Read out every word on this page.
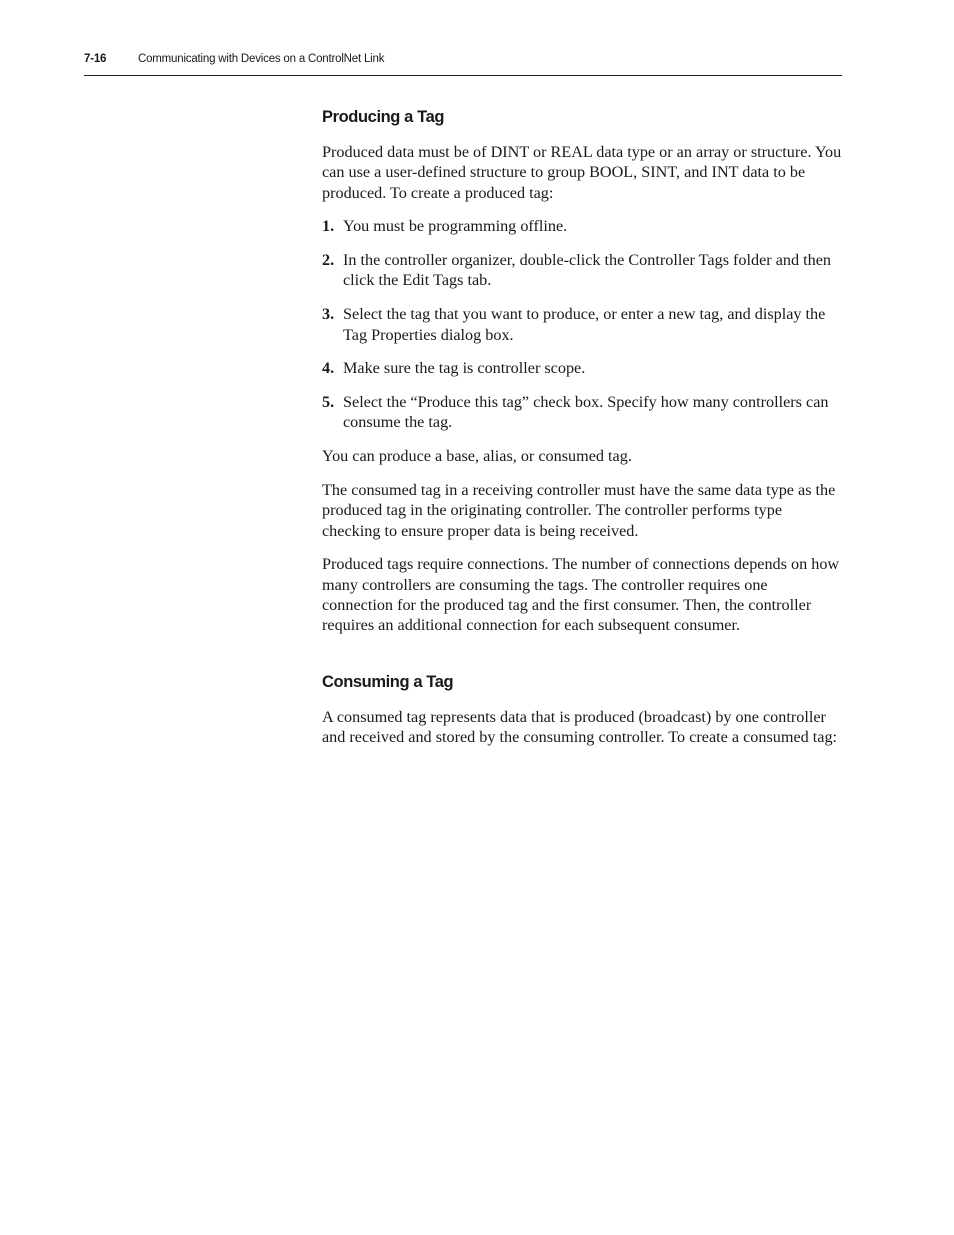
7-16	Communicating with Devices on a ControlNet Link
Producing a Tag

Produced data must be of DINT or REAL data type or an array or structure. You can use a user-defined structure to group BOOL, SINT, and INT data to be produced. To create a produced tag:

1. You must be programming offline.
2. In the controller organizer, double-click the Controller Tags folder and then click the Edit Tags tab.
3. Select the tag that you want to produce, or enter a new tag, and display the Tag Properties dialog box.
4. Make sure the tag is controller scope.
5. Select the “Produce this tag” check box. Specify how many controllers can consume the tag.

You can produce a base, alias, or consumed tag.

The consumed tag in a receiving controller must have the same data type as the produced tag in the originating controller. The controller performs type checking to ensure proper data is being received.

Produced tags require connections. The number of connections depends on how many controllers are consuming the tags. The controller requires one connection for the produced tag and the first consumer. Then, the controller requires an additional connection for each subsequent consumer.

Consuming a Tag

A consumed tag represents data that is produced (broadcast) by one controller and received and stored by the consuming controller. To create a consumed tag:
